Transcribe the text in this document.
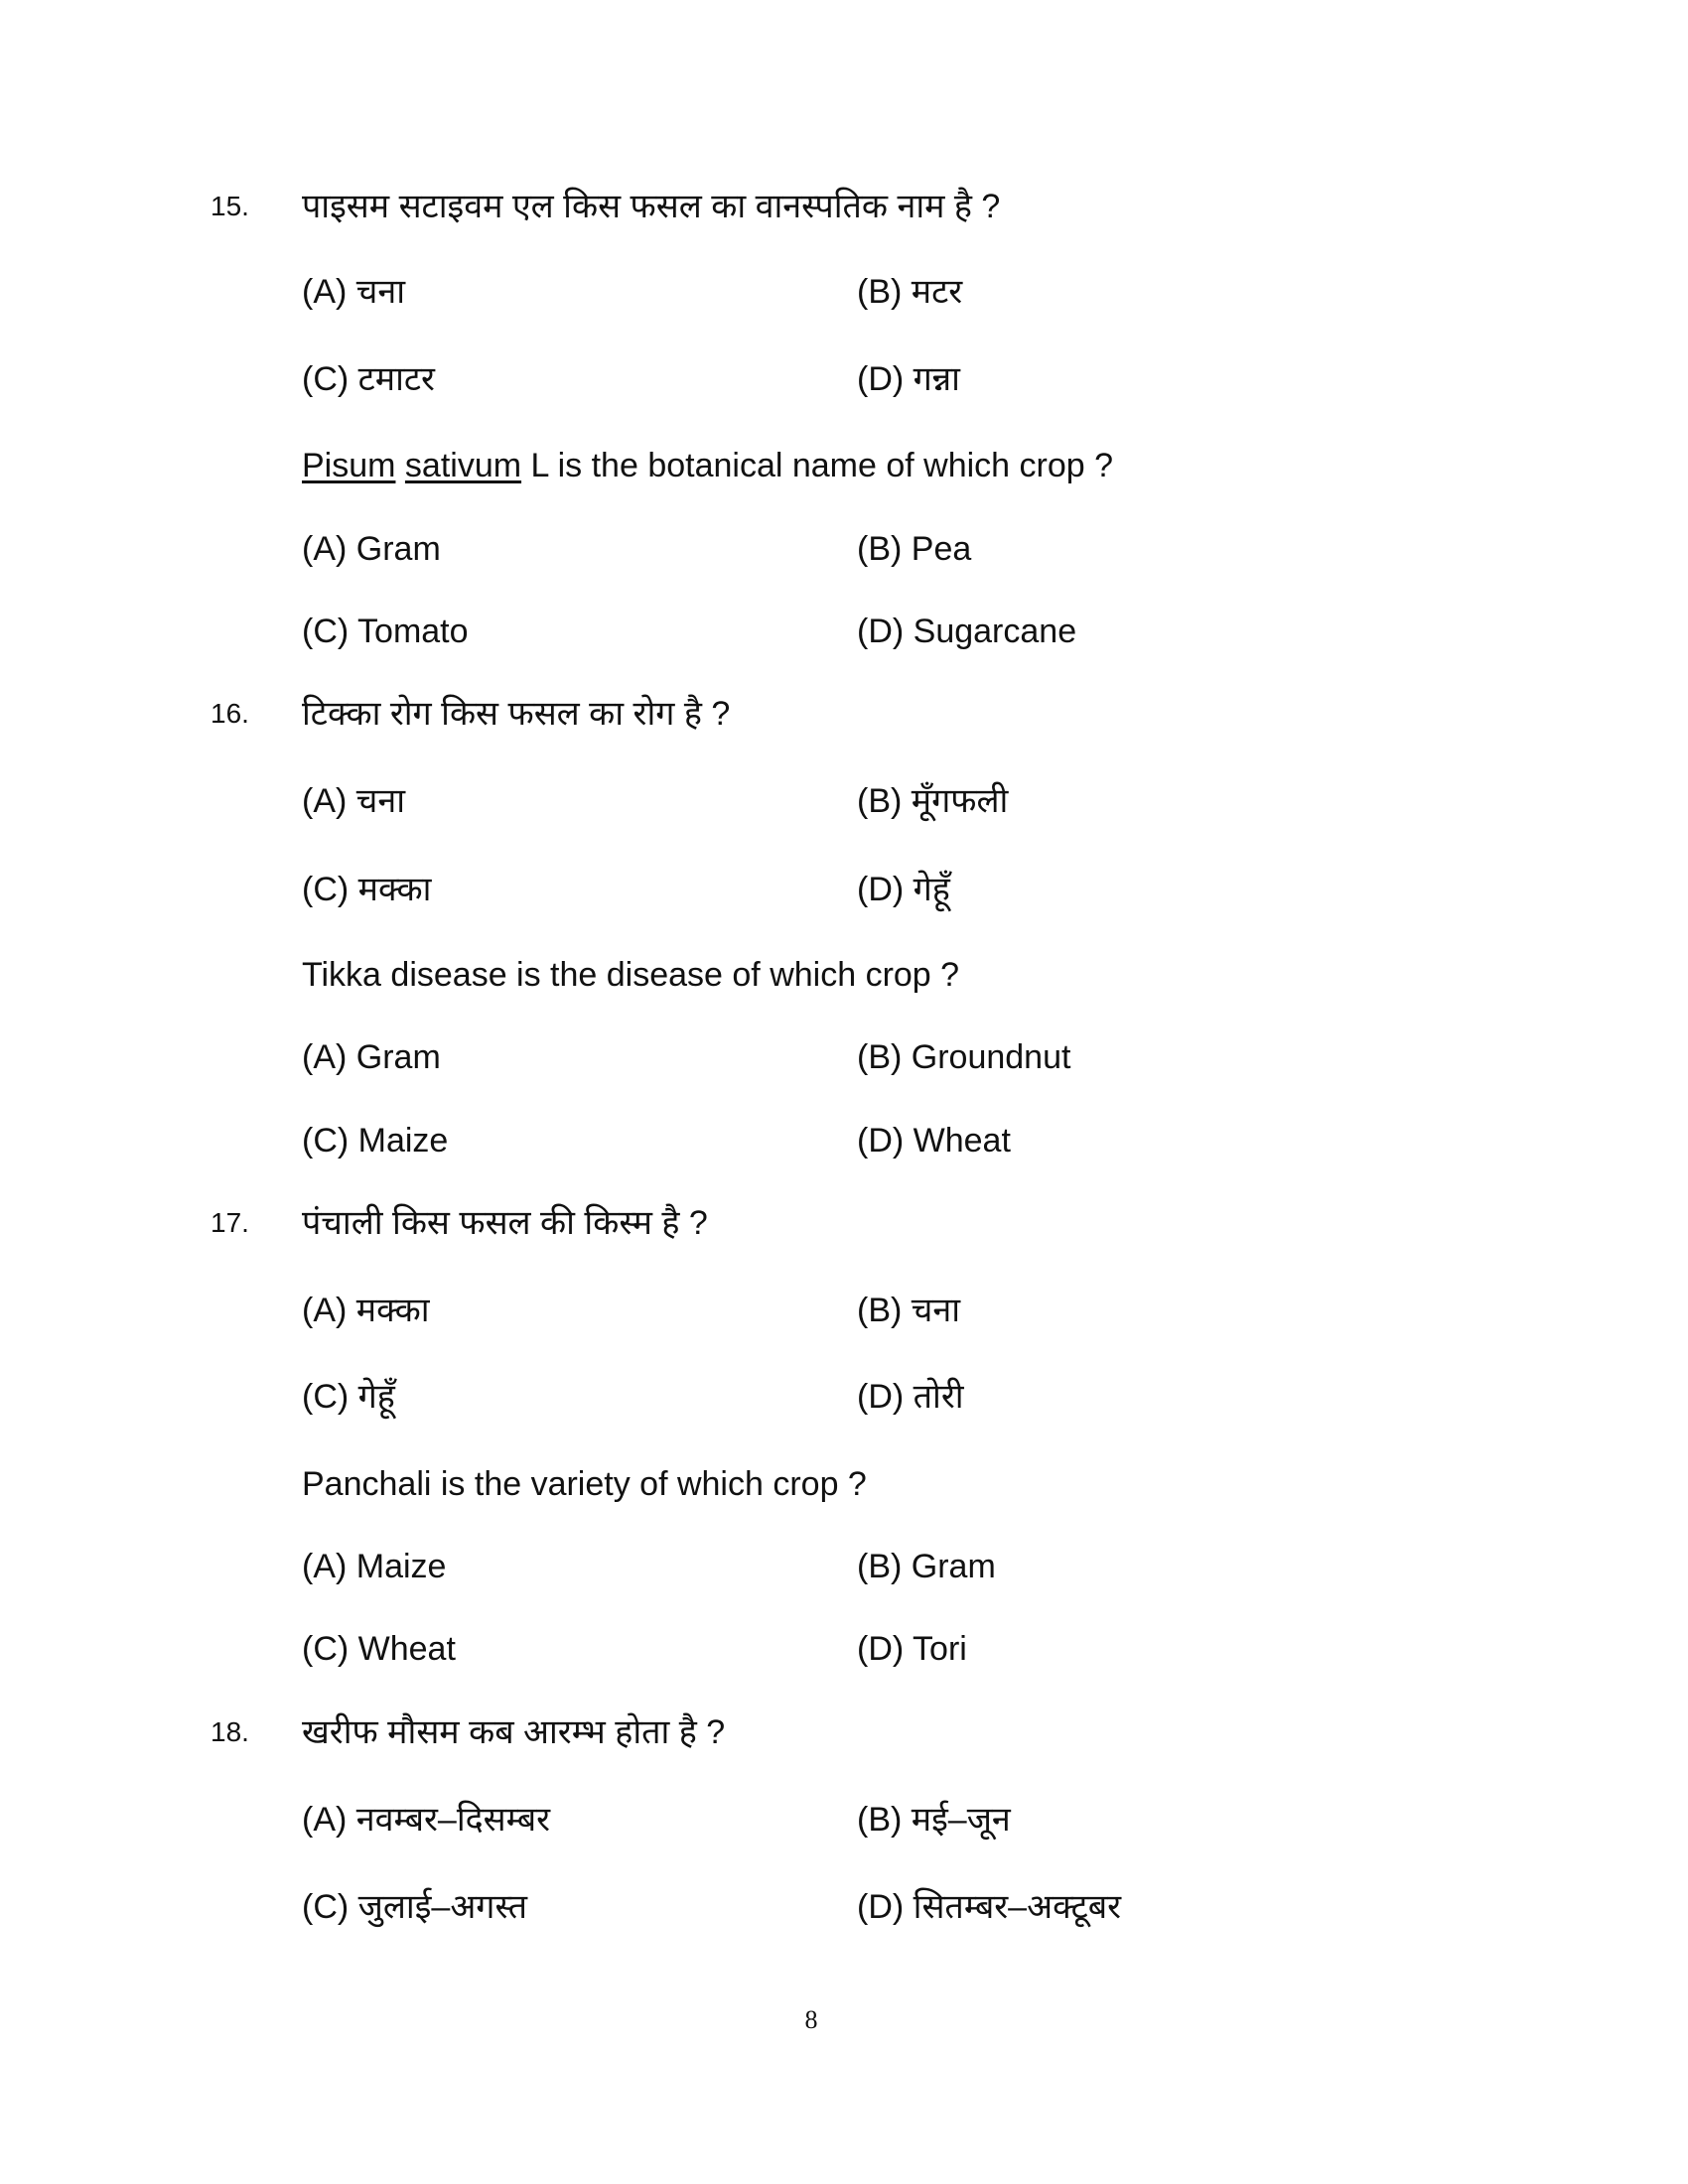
15. पाइसम सटाइवम एल किस फसल का वानस्पतिक नाम है ?
(A) चना	(B) मटर
(C) टमाटर	(D) गन्ना
Pisum sativum L is the botanical name of which crop ?
(A) Gram	(B) Pea
(C) Tomato	(D) Sugarcane
16. टिक्का रोग किस फसल का रोग है ?
(A) चना	(B) मूँगफली
(C) मक्का	(D) गेहूँ
Tikka disease is the disease of which crop ?
(A) Gram	(B) Groundnut
(C) Maize	(D) Wheat
17. पंचाली किस फसल की किस्म है ?
(A) मक्का	(B) चना
(C) गेहूँ	(D) तोरी
Panchali is the variety of which crop ?
(A) Maize	(B) Gram
(C) Wheat	(D) Tori
18. खरीफ मौसम कब आरम्भ होता है ?
(A) नवम्बर–दिसम्बर	(B) मई–जून
(C) जुलाई–अगस्त	(D) सितम्बर–अक्टूबर
8
